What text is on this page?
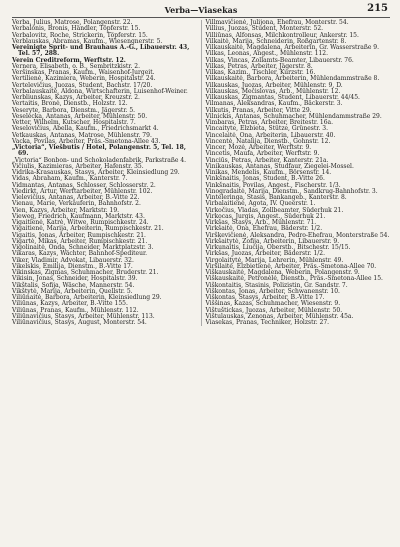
Verba—Viasekas	215
Verba, Julius, Matrose, Polangenstr. 22.
Verbalonis, Bronis, Händler, Töpferstr. 15.
Verbalovitz, Roche, Strickerin, Töpferstr. 15.
Verblauskas, Abramas, Kaufm., Wiesengnerstr. 5.
Vereinigte Sprit- und Brauhaus A.-G., Libauerstr. 43, Tel. 57, 288.
Verein Creditreform, Werftstr. 12.
Vernera, Elisabeth, o. B., Sembritzkistr. 2.
Veršinskas, Pranas, Kaufm., Waisenhof-Jurgeit.
Vertilienė, Kazimiera, Weberin, Hospitalstr. 24.
Vertelevičius, Juozas, Student, Bachstr. 17/20.
Verbalauskaitė, Aldona, Wirtschafterin, Luisenhof-Weiner.
Verbliunskas, Kazys, Arbeiter, Kreuzstr. 2.
Vertaitis, Bronė, Dienstb., Holzstr. 12.
Veseryte, Barbora, Dienstm., Jägerstr. 5.
Veselecka, Antanas, Arbeiter, Mühlenstr. 50.
Vetter, Wilhelm, Kutscher, Hospitalstr. 7.
Veselovičius, Abella, Kaufm., Friedrichsmarkt 4.
Vetkauskas, Antanas, Matrose, Mühlenstr. 79.
Vacka, Povilas, Arbeiter, Präs.-Smetona-Allee 43.
„Victoria“, Viešbutis / Hotel, Polangenstr. 5, Tel. 18, 69.
„Victoria“ Bonbon- und Schokoladenfabrik, Parkstraße 4.
Vičiulis, Kazimieras, Arbeiter, Hafenstr. 35.
Vidrika-Krasauskas, Stasys, Arbeiter, Kleinsiedlung 29.
Vidas, Abraham, Kaufm., Kanterstr. 7.
Vidmantas, Antanas, Schlosser, Schlosserstr. 2.
Viedirkt, Artur, Werftarbeiter, Mühlenstr. 102.
Vielevičius, Antanas, Arbeiter, B.-Vitte 22.
Vienau, Marie, Verkäuferin, Bahnhofstr. 2.
Vien, Kazys, Arbeiter, Marktstr. 19.
Vieweg, Friedrich, Kaufmann, Marktstr. 43.
Vigaitienė, Katrė, Witwe, Rumpischkestr. 24.
Vigaitienė, Marija, Arbeiterin, Rumpischkestr. 21.
Vigaitis, Jonas, Arbeiter, Rumpischkestr. 21.
Vigartė, Mikas, Arbeiter, Rumpischkestr. 21.
Vigolinaitė, Onda, Schneider, Marktplatzstr. 3.
Vikaras, Kazys, Wächter, Bahnhof-Spediteur.
Viker, Vladimir, Advokat, Libauerstr. 32.
Vikelskis, Emilija, Dienstm., B.-Vitte 17.
Vikinskas, Zigmas, Schuhmacher, Bruderstr. 21.
Vikisin, Jonas, Schneider, Hospitalstr. 39.
Vikštalis, Sofija, Wäsche, Mannerstr. 54.
Vikštytė, Marija, Arbeiterin, Quellstr. 5.
Viliūnaitė, Barbora, Arbeiterin, Kleinsiedlung 29.
Viliūnas, Kazys, Arbeiter, B.-Vitte 155.
Viliūnas, Pranas, Kaufm., Mühlenstr. 112.
Viliūnavičius, Stasys, Arbeiter, Mühlenstr. 113.
Viliūnavičius, Stasys, August, Monterstr. 54.
Villmavičienė, Julijona, Ehefrau, Monterstr. 54.
Villius, Juozas, Student, Monterstr. 52.
Villiūnas, Alfonsas, Milchkontrolleur, Ankerstr. 15.
Vilkaitė, Marija, Schneiderin, Roßgartenstr. 8.
Vilkauskaitė, Magdalena, Arbeiterin, Gr. Wasserstraße 9.
Vilkas, Leonas, Angest., Mühlenstr. 112.
Vilkas, Vincas, Zollamts-Beamter, Libauerstr. 76.
Vilkas, Petras, Arbeiter, Jägerstr. 8.
Vilkas, Kazim., Tischler, Kurzstr. 16.
Vilkauskaitė, Barbora, Arbeiterin, Mühlendammstraße 8.
Vilkauskas, Juozas, Arbeiter, Mühlenstr. 9, D.
Vilkauskas, Mečislovas, Arb., Mühlenstr. 12.
Vilkauskas, Zigmantas, Student, Libauerstr. 44/45.
Vilmanas, Aleksandras, Kaufm., Bäckerstr. 3.
Vilkutis, Pranas, Arbeiter, Vitte 29.
Vilnickis, Antanas, Schuhmacher, Mühlendammstraße 29.
Vimbaras, Petras, Arbeiter, Breitestr. 16a.
Vincaityte, Elzbieta, Stütze, Grünestr. 3.
Vincelaitė, Ona, Arbeiterin, Libauerstr. 40.
Vincentė, Natalija, Dienstb., Gohnstr. 12.
Vincer, Mozė, Arbeiter, Werftstr. 9.
Vincetis, Maufa, Arbeiter, Werftstr. 9.
Vinciūs, Petras, Arbeiter, Kanterstr. 21a.
Vinikauskas, Antanas, Studfaur, Ziegelei-Mossel.
Vinikas, Mendelis, Kaufm., Börsenstr. 14.
Vinkšnaitis, Jonas, Student, B.-Vitte 26.
Vinkšnaitis, Povilas, Angest., Fischerstr. 1/3.
Vinogradaitė, Marija, Dienstm., Sandkrug-Bahnhofstr. 3.
Vinteleringa, Stasis, Bankangeb., Kanterstr. 8.
Virbalaitienė, Agota, IV. Queerstr. 1.
Virkočius, Vladas, Zollbeamter, Süderhuk 21.
Virkocas, Jurgis, Angest., Süderhuk 21.
Virkšas, Stasys, Arb., Mühlenstr. 71.
Virkšaitė, Ona, Ehefrau, Bäderstr. 1/2.
Virškevičienė, Aleksandra, Pedro-Ehefrau, Monterstraße 54.
Virkšaitytė, Zofija, Arbeiterin, Libauerstr. 9.
Virkunaitis, Liucija, Oberstb., Bitschestr. 15/15.
Virkšas, Juozas, Arbeiter, Bäderstr. 1/2.
Virgolaitytė, Marija, Lehrerin, Mühlenstr. 49.
Viršilaitė, Elzbietienė, Arbeiter, Präs.-Smetona-Allee 70.
Viškauskaitė, Magdalena, Weberin, Polangenstr. 9.
Viškauskaitė, Petronėlė, Dienstb., Präs.-Smetona-Allee 15.
Viškontaitis, Stasinis, Polizistin, Gr. Sandstr. 7.
Viškontas, Jonas, Arbeiter, Schwanenstr. 10.
Viškontas, Stasys, Arbeiter, B.-Vitte 17.
Viššinas, Kazas, Schuhmacher, Wiesenstr. 9.
Vištuštickas, Juozas, Arbeiter, Mühlenstr. 50.
Vištulauskas, Zenonas, Arbeiter, Mühlenstr. 45a.
Viasekas, Pranas, Techniker, Holzstr. 27.
